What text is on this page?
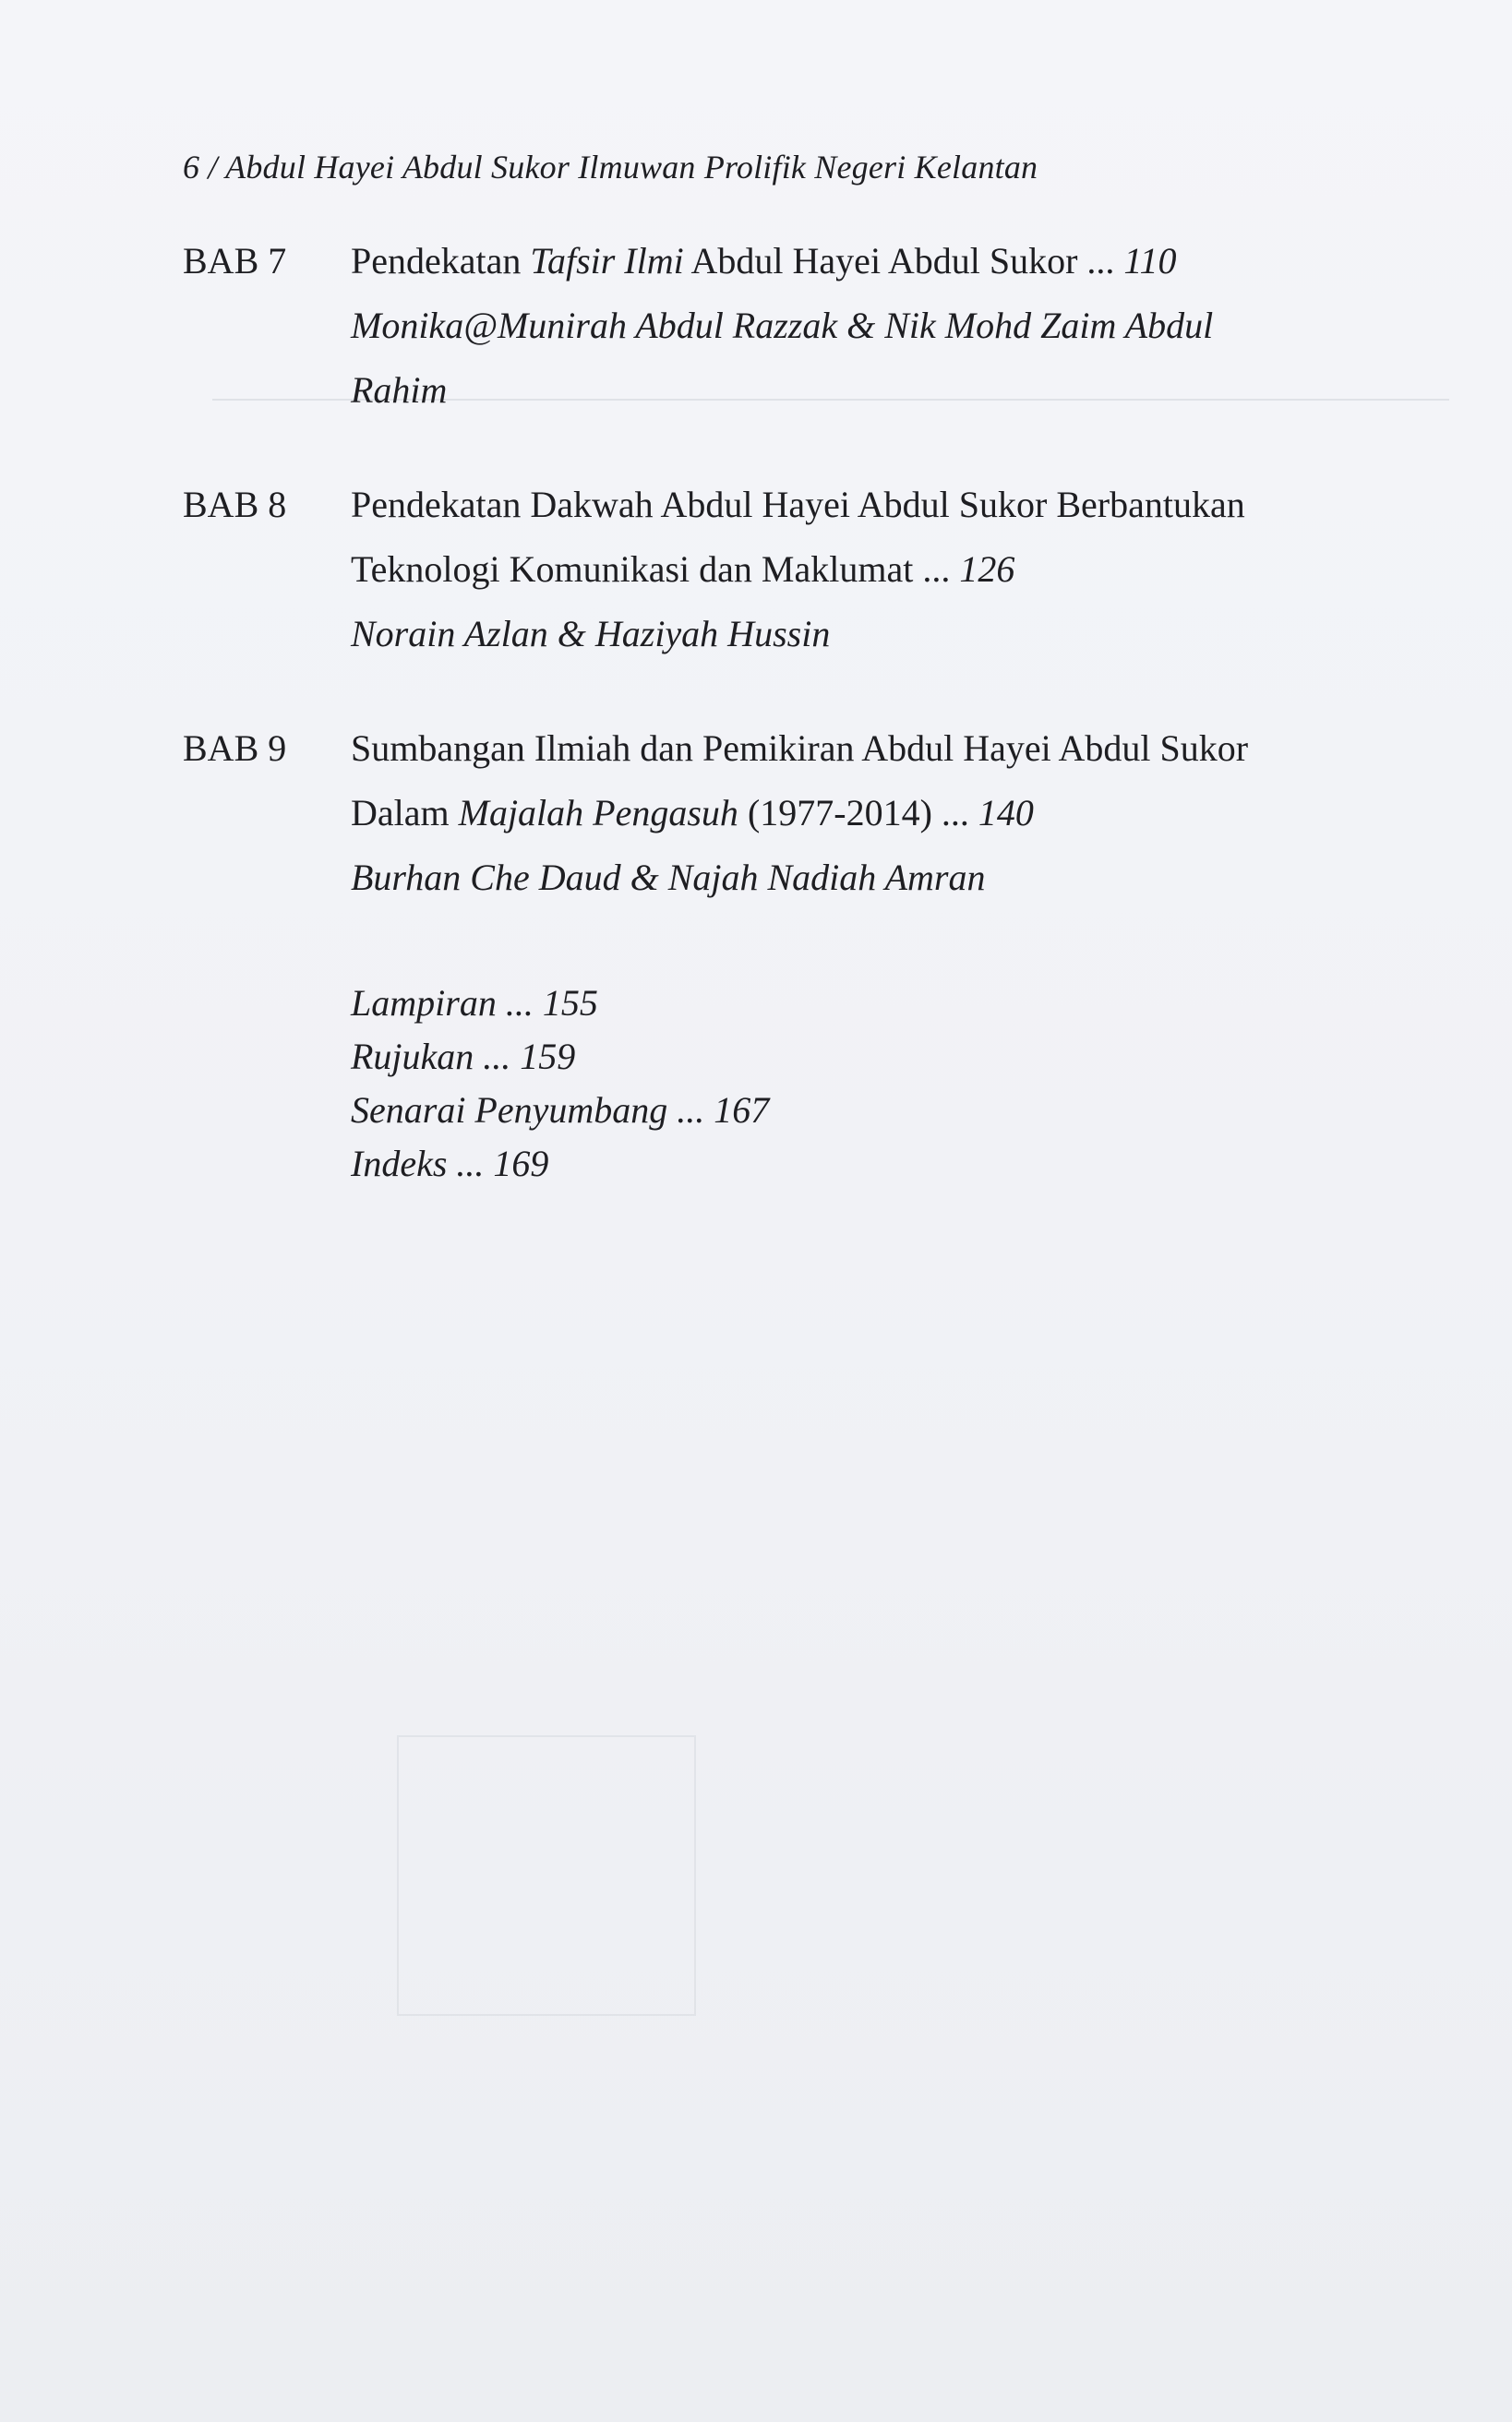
6 / Abdul Hayei Abdul Sukor Ilmuwan Prolifik Negeri Kelantan
BAB 7 Pendekatan Tafsir Ilmi Abdul Hayei Abdul Sukor ... 110
Monika@Munirah Abdul Razzak & Nik Mohd Zaim Abdul
Rahim
BAB 8 Pendekatan Dakwah Abdul Hayei Abdul Sukor Berbantukan
Teknologi Komunikasi dan Maklumat ... 126
Norain Azlan & Haziyah Hussin
BAB 9 Sumbangan Ilmiah dan Pemikiran Abdul Hayei Abdul Sukor
Dalam Majalah Pengasuh (1977-2014) ... 140
Burhan Che Daud & Najah Nadiah Amran
Lampiran ... 155
Rujukan ... 159
Senarai Penyumbang ... 167
Indeks ... 169
